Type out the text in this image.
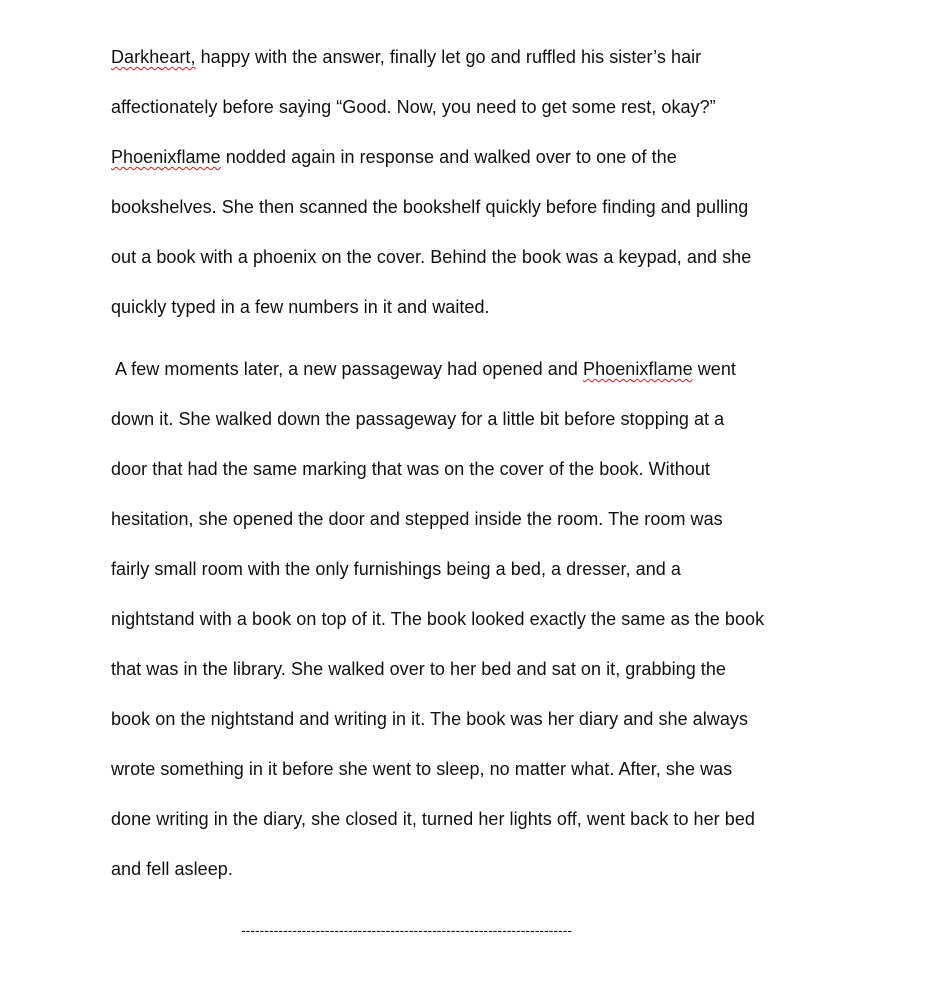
Darkheart, happy with the answer, finally let go and ruffled his sister’s hair
affectionately before saying “Good. Now, you need to get some rest, okay?”
Phoenixflame nodded again in response and walked over to one of the
bookshelves. She then scanned the bookshelf quickly before finding and pulling
out a book with a phoenix on the cover. Behind the book was a keypad, and she
quickly typed in a few numbers in it and waited.
A few moments later, a new passageway had opened and Phoenixflame went
down it. She walked down the passageway for a little bit before stopping at a
door that had the same marking that was on the cover of the book. Without
hesitation, she opened the door and stepped inside the room. The room was
fairly small room with the only furnishings being a bed, a dresser, and a
nightstand with a book on top of it. The book looked exactly the same as the book
that was in the library. She walked over to her bed and sat on it, grabbing the
book on the nightstand and writing in it. The book was her diary and she always
wrote something in it before she went to sleep, no matter what. After, she was
done writing in the diary, she closed it, turned her lights off, went back to her bed
and fell asleep.
-----------------------------------------------------------------------
